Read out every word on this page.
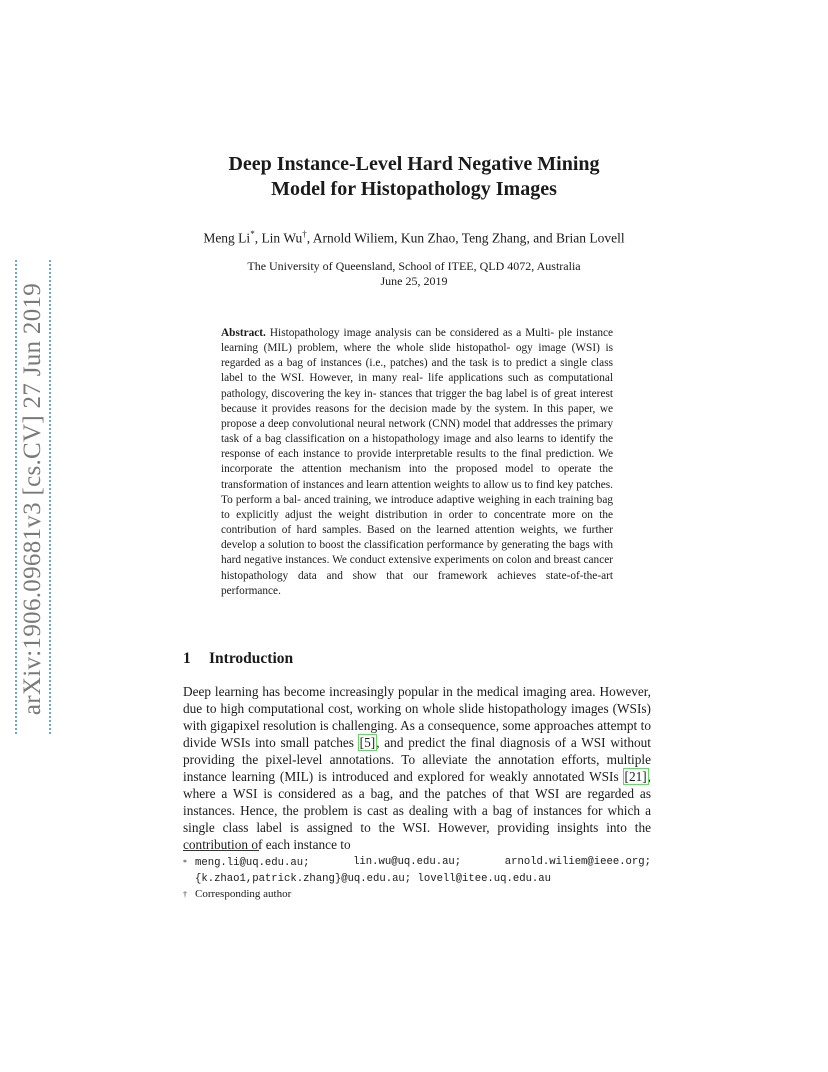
arXiv:1906.09681v3 [cs.CV] 27 Jun 2019
Deep Instance-Level Hard Negative Mining
Model for Histopathology Images
Meng Li*, Lin Wu†, Arnold Wiliem, Kun Zhao, Teng Zhang, and Brian Lovell
The University of Queensland, School of ITEE, QLD 4072, Australia
June 25, 2019
Abstract. Histopathology image analysis can be considered as a Multi- ple instance learning (MIL) problem, where the whole slide histopathol- ogy image (WSI) is regarded as a bag of instances (i.e., patches) and the task is to predict a single class label to the WSI. However, in many real- life applications such as computational pathology, discovering the key in- stances that trigger the bag label is of great interest because it provides reasons for the decision made by the system. In this paper, we propose a deep convolutional neural network (CNN) model that addresses the primary task of a bag classification on a histopathology image and also learns to identify the response of each instance to provide interpretable results to the final prediction. We incorporate the attention mechanism into the proposed model to operate the transformation of instances and learn attention weights to allow us to find key patches. To perform a bal- anced training, we introduce adaptive weighing in each training bag to explicitly adjust the weight distribution in order to concentrate more on the contribution of hard samples. Based on the learned attention weights, we further develop a solution to boost the classification performance by generating the bags with hard negative instances. We conduct extensive experiments on colon and breast cancer histopathology data and show that our framework achieves state-of-the-art performance.
1 Introduction
Deep learning has become increasingly popular in the medical imaging area. However, due to high computational cost, working on whole slide histopathology images (WSIs) with gigapixel resolution is challenging. As a consequence, some approaches attempt to divide WSIs into small patches [5], and predict the final diagnosis of a WSI without providing the pixel-level annotations. To alleviate the annotation efforts, multiple instance learning (MIL) is introduced and explored for weakly annotated WSIs [21], where a WSI is considered as a bag, and the patches of that WSI are regarded as instances. Hence, the problem is cast as dealing with a bag of instances for which a single class label is assigned to the WSI. However, providing insights into the contribution of each instance to
* meng.li@uq.edu.au;	lin.wu@uq.edu.au;	arnold.wiliem@ieee.org;
{k.zhao1,patrick.zhang}@uq.edu.au; lovell@itee.uq.edu.au
† Corresponding author
